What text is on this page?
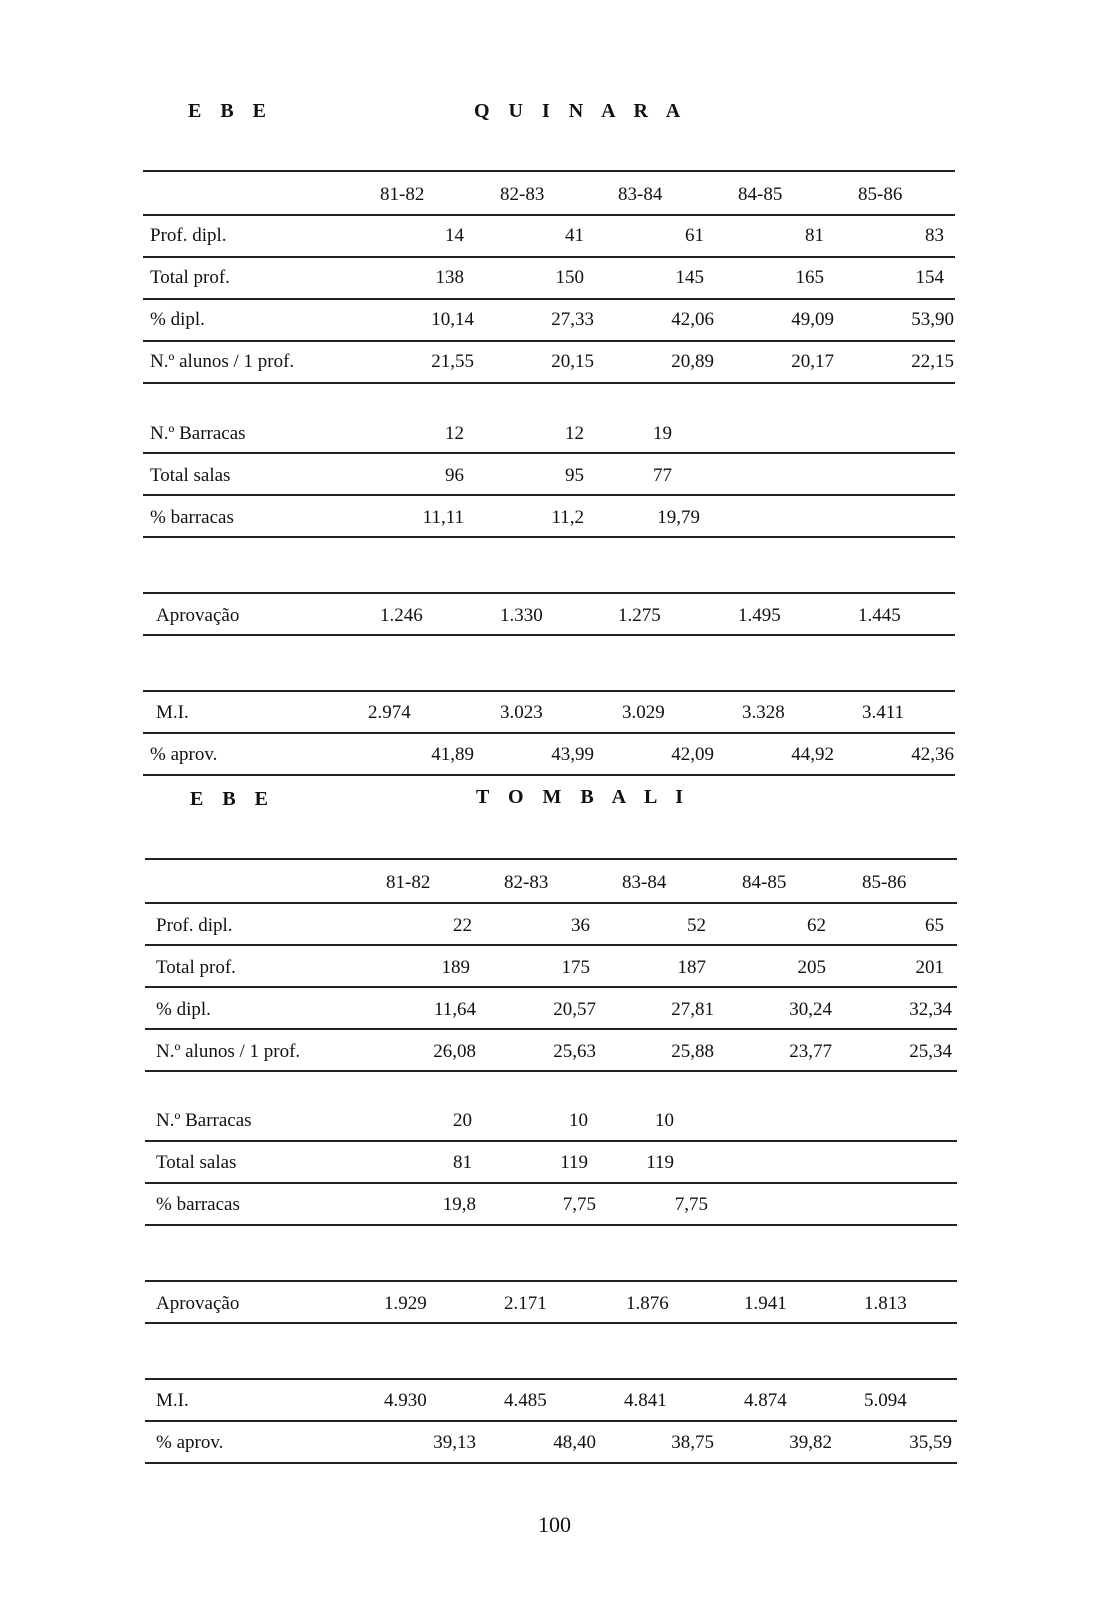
E B E	Q U I N A R A
81-82	82-83	83-84	84-85	85-86
Prof. dipl.	14	41	61	81	83
Total prof.	138	150	145	165	154
% dipl.	10,14	27,33	42,06	49,09	53,90
N.º alunos / 1 prof.	21,55	20,15	20,89	20,17	22,15
N.º Barracas	12	12	19
Total salas	96	95	77
% barracas	11,11	11,2	19,79
Aprovação	1.246	1.330	1.275	1.495	1.445
M.I.	2.974	3.023	3.029	3.328	3.411
% aprov.	41,89	43,99	42,09	44,92	42,36
E B E	T O M B A L I
81-82	82-83	83-84	84-85	85-86
Prof. dipl.	22	36	52	62	65
Total prof.	189	175	187	205	201
% dipl.	11,64	20,57	27,81	30,24	32,34
N.º alunos / 1 prof.	26,08	25,63	25,88	23,77	25,34
N.º Barracas	20	10	10
Total salas	81	119	119
% barracas	19,8	7,75	7,75
Aprovação	1.929	2.171	1.876	1.941	1.813
M.I.	4.930	4.485	4.841	4.874	5.094
% aprov.	39,13	48,40	38,75	39,82	35,59
100
